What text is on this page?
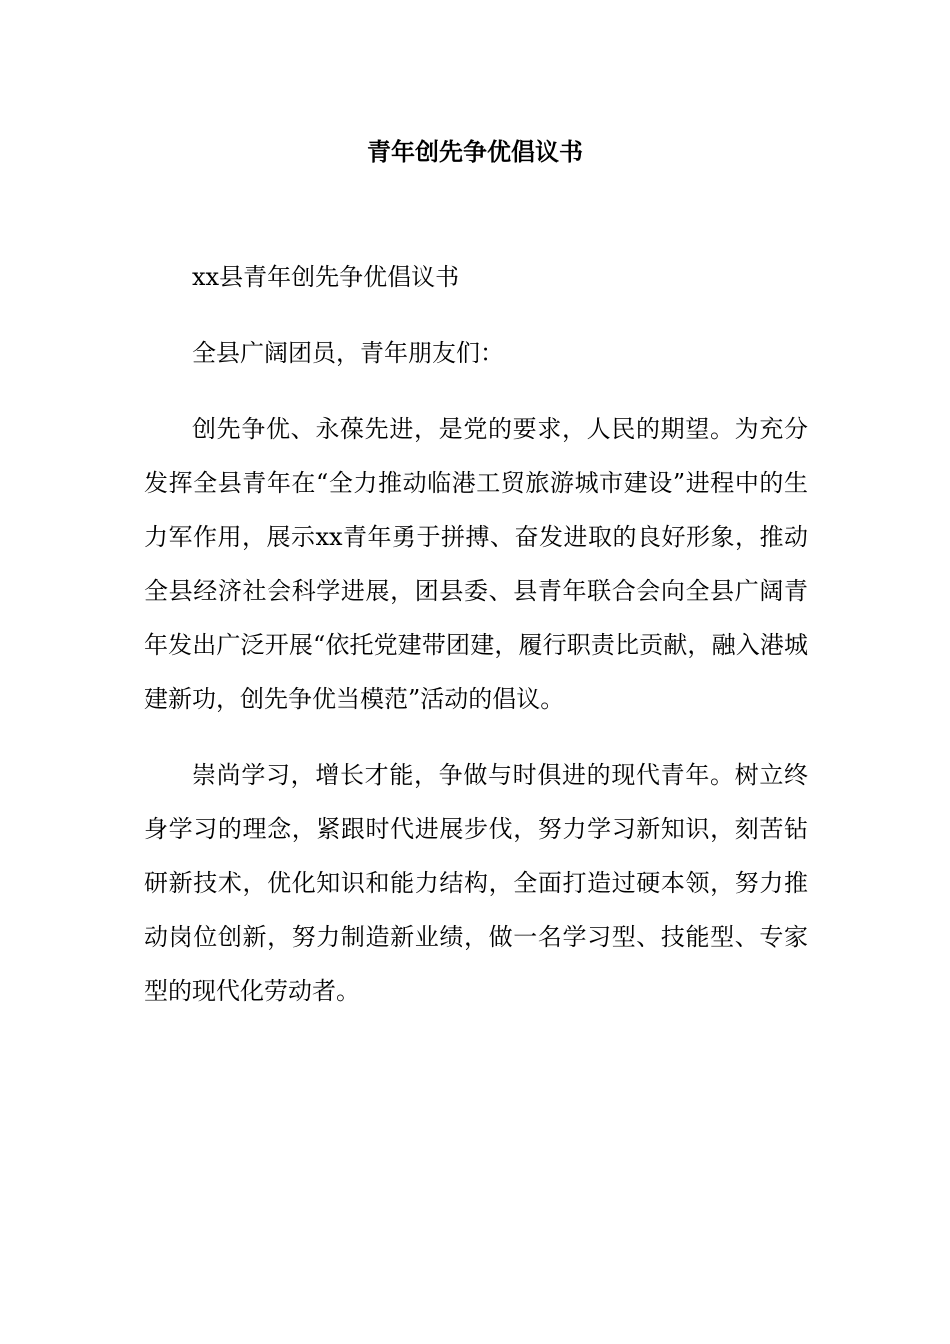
青年创先争优倡议书

xx县青年创先争优倡议书

全县广阔团员，青年朋友们：

创先争优、永葆先进，是党的要求，人民的期望。为充分发挥全县青年在“全力推动临港工贸旅游城市建设”进程中的生力军作用，展示xx青年勇于拼搏、奋发进取的良好形象，推动全县经济社会科学进展，团县委、县青年联合会向全县广阔青年发出广泛开展“依托党建带团建，履行职责比贡献，融入港城建新功，创先争优当模范”活动的倡议。

崇尚学习，增长才能，争做与时俱进的现代青年。树立终身学习的理念，紧跟时代进展步伐，努力学习新知识，刻苦钻研新技术，优化知识和能力结构，全面打造过硬本领，努力推动岗位创新，努力制造新业绩，做一名学习型、技能型、专家型的现代化劳动者。
